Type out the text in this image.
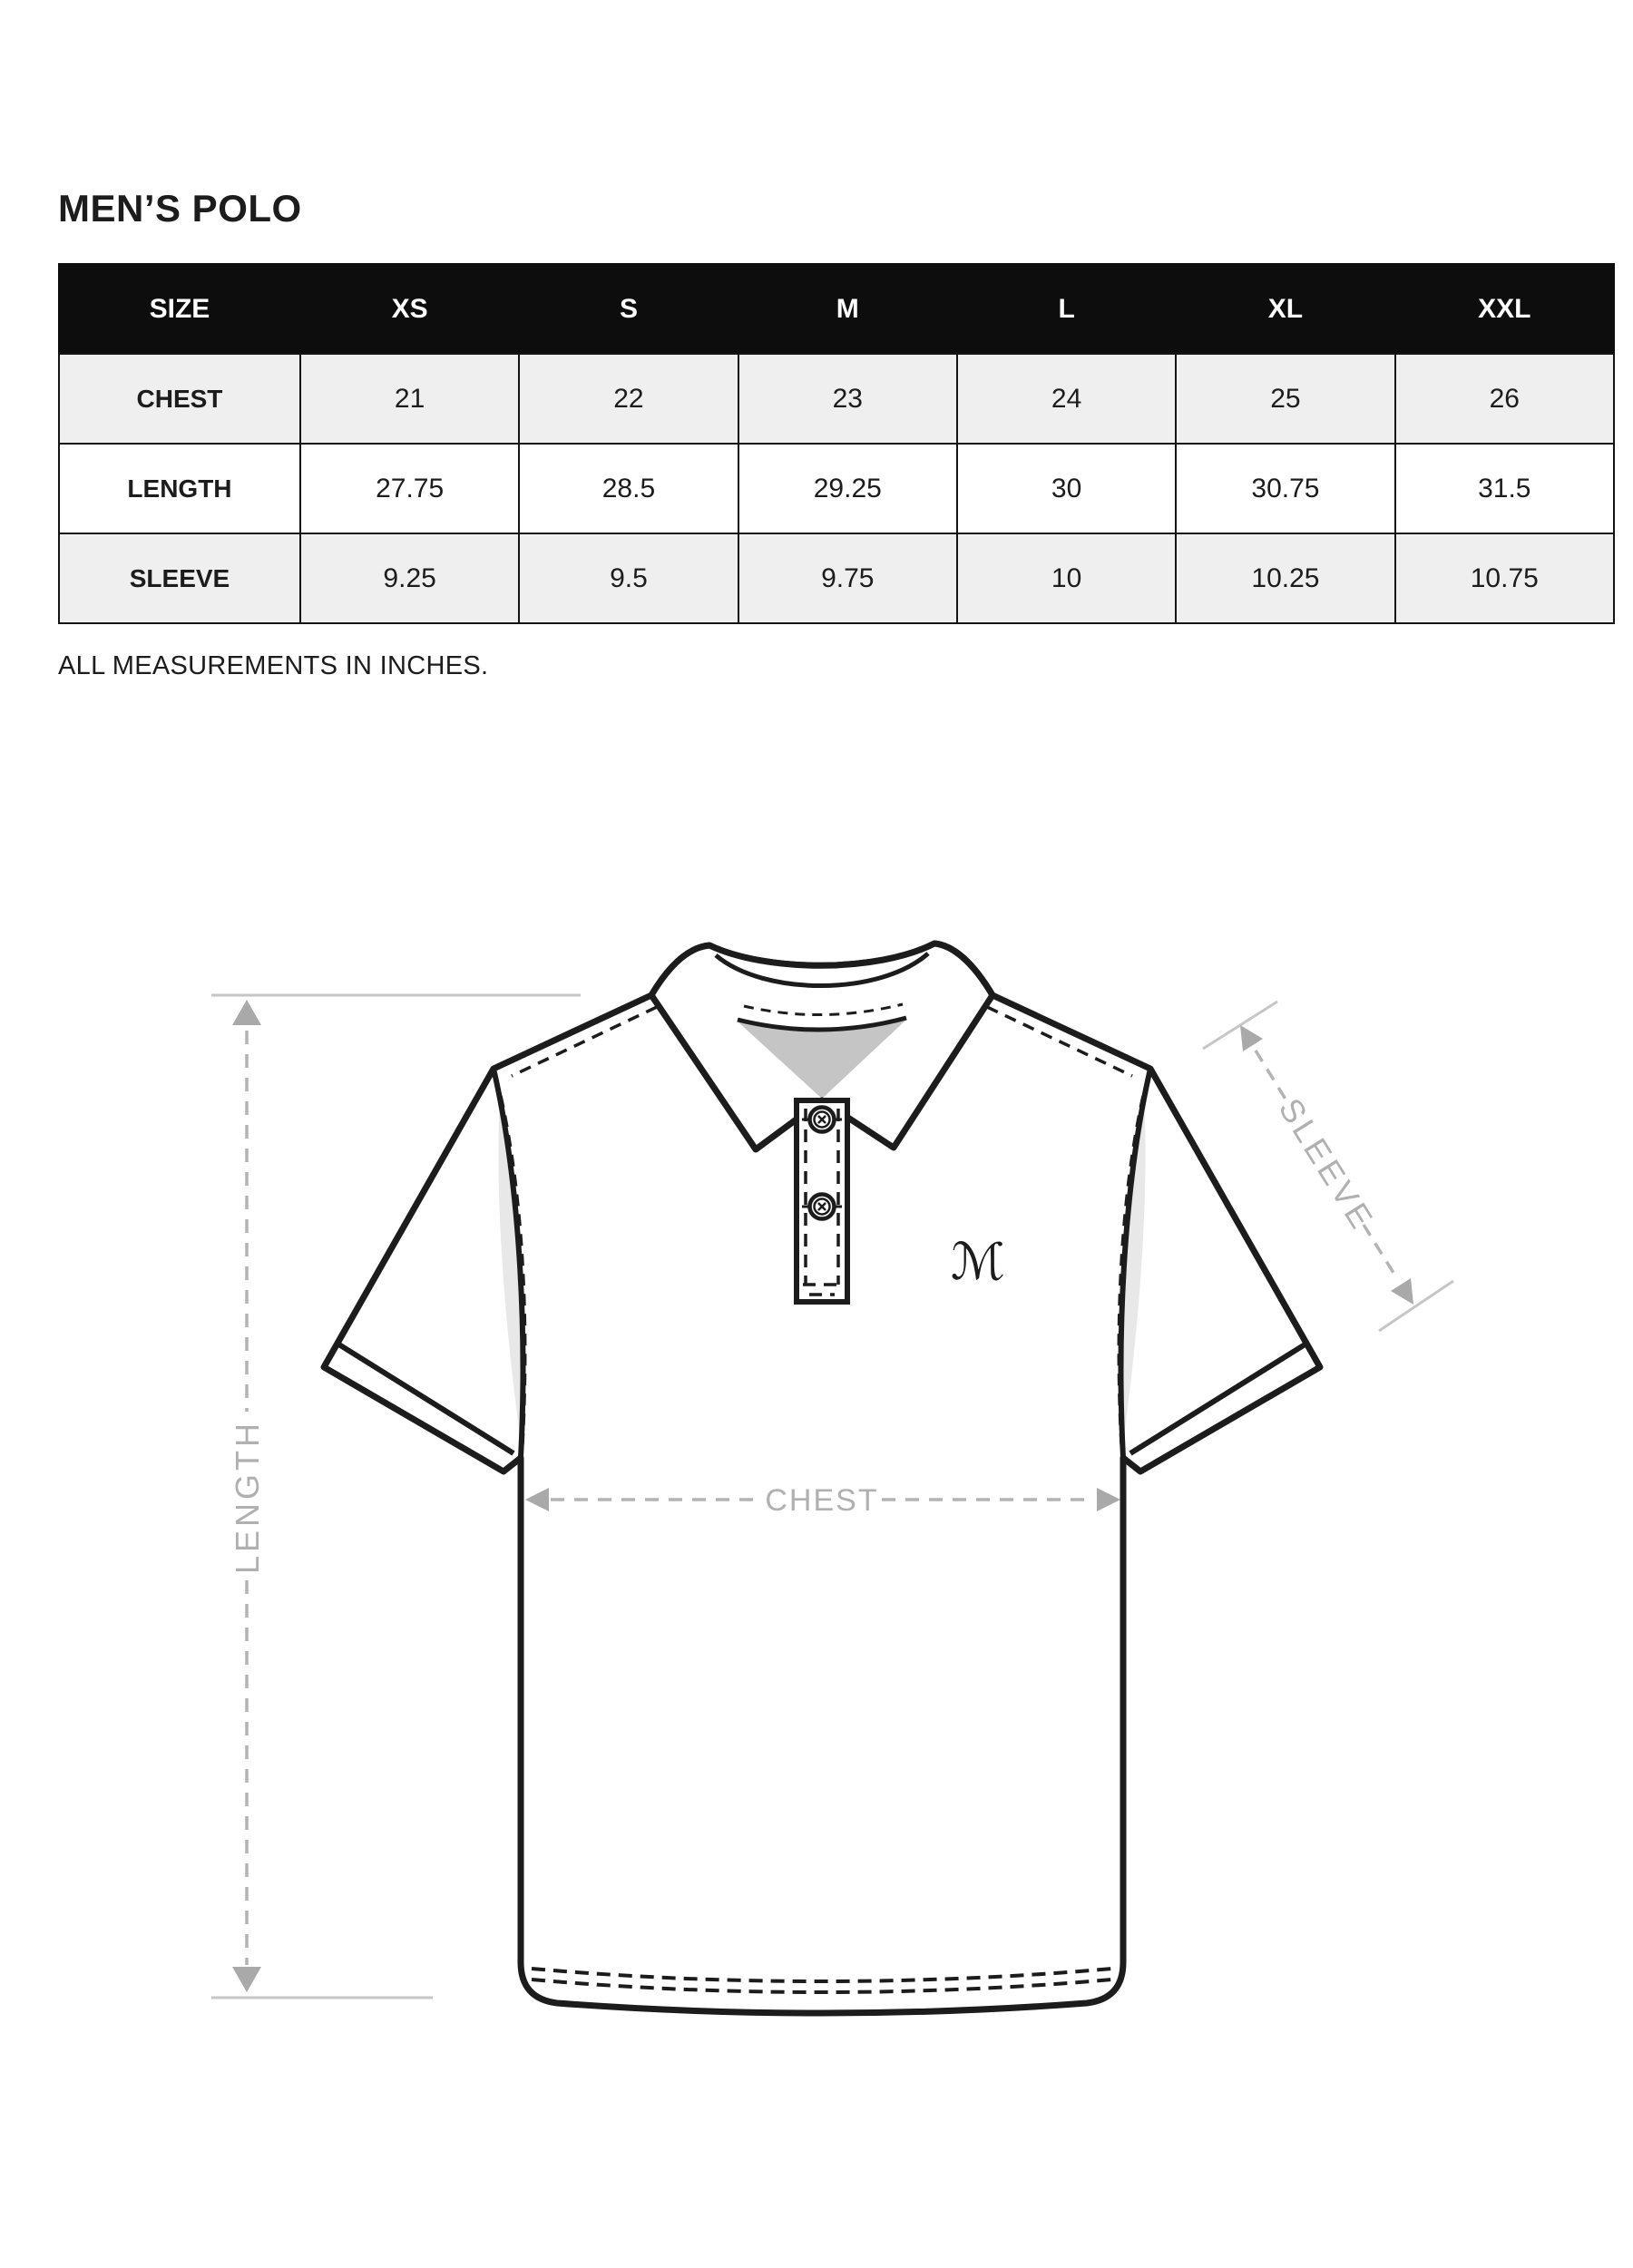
MEN’S POLO
SIZE	XS	S	M	L	XL	XXL
CHEST	21	22	23	24	25	26
LENGTH	27.75	28.5	29.25	30	30.75	31.5
SLEEVE	9.25	9.5	9.75	10	10.25	10.75
ALL MEASUREMENTS IN INCHES.
ℳ
LENGTH	CHEST
SLEEVE
